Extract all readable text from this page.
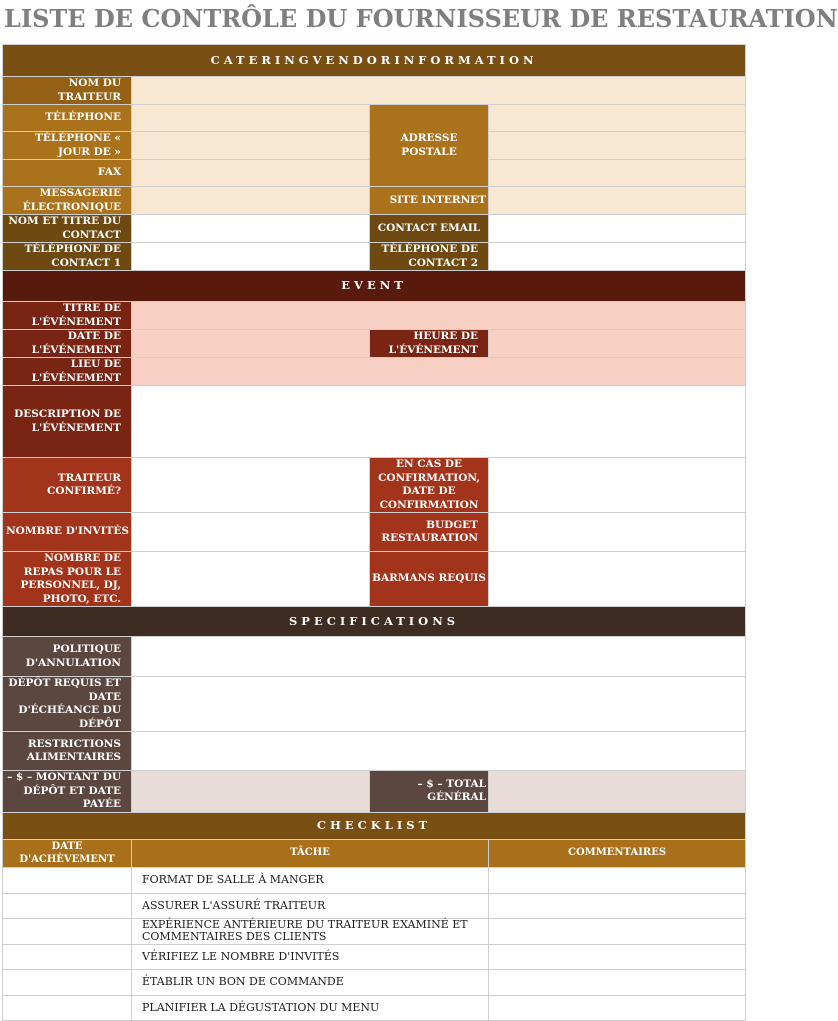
LISTE DE CONTRÔLE DU FOURNISSEUR DE RESTAURATION
CATERINGVENDORINFORMATION			
NOM DU TRAITEUR			
TÉLÉPHONE		ADRESSE POSTALE	
TÉLÉPHONE « JOUR DE »			
FAX			
MESSAGERIE ÉLECTRONIQUE		SITE INTERNET	
NOM ET TITRE DU CONTACT		CONTACT EMAIL	
TÉLÉPHONE DE CONTACT 1		TÉLÉPHONE DE CONTACT 2	
EVENT			
TITRE DE L'ÉVÉNEMENT			
DATE DE L'ÉVÉNEMENT		HEURE DE L'ÉVÉNEMENT	
LIEU DE L'ÉVÉNEMENT			
DESCRIPTION DE L'ÉVÉNEMENT			
TRAITEUR CONFIRMÉ?		EN CAS DE CONFIRMATION, DATE DE CONFIRMATION	
NOMBRE D'INVITÉS		BUDGET RESTAURATION	
NOMBRE DE REPAS POUR LE PERSONNEL, DJ, PHOTO, ETC.		BARMANS REQUIS	
SPECIFICATIONS			
POLITIQUE D'ANNULATION			
DÉPÔT REQUIS ET DATE D'ÉCHÉANCE DU DÉPÔT			
RESTRICTIONS ALIMENTAIRES			
– $ – MONTANT DU DÉPÔT ET DATE PAYÉE		– $ – TOTAL GÉNÉRAL	
CHECKLIST			
DATE D'ACHÈVEMENT	TÂCHE		COMMENTAIRES
	FORMAT DE SALLE À MANGER		
	ASSURER L'ASSURÉ TRAITEUR		
	EXPÉRIENCE ANTÉRIEURE DU TRAITEUR EXAMINÉ ET COMMENTAIRES DES CLIENTS		
	VÉRIFIEZ LE NOMBRE D'INVITÉS		
	ÉTABLIR UN BON DE COMMANDE		
	PLANIFIER LA DÉGUSTATION DU MENU		
